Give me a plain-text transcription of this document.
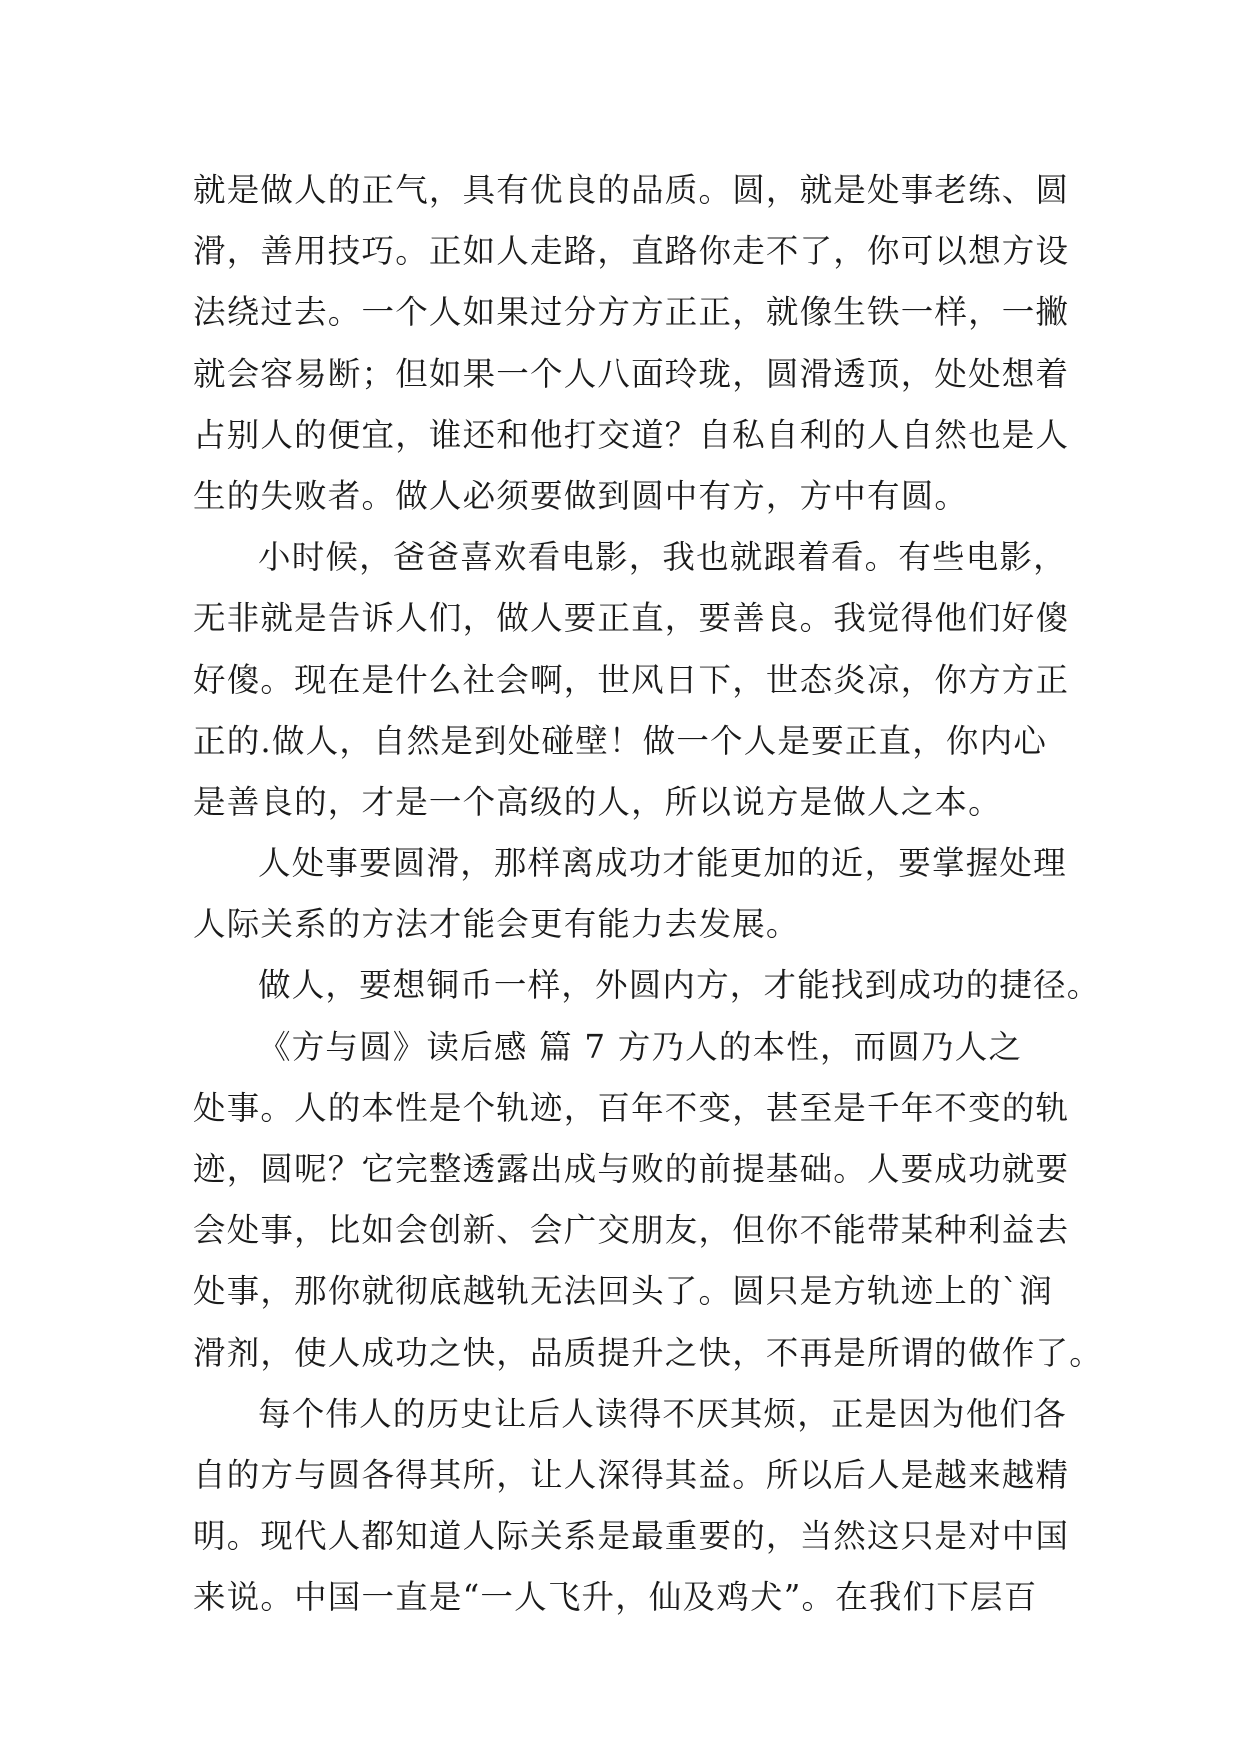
就是做人的正气，具有优良的品质。圆，就是处事老练、圆
滑，善用技巧。正如人走路，直路你走不了，你可以想方设
法绕过去。一个人如果过分方方正正，就像生铁一样，一撇
就会容易断；但如果一个人八面玲珑，圆滑透顶，处处想着
占别人的便宜，谁还和他打交道？自私自利的人自然也是人
生的失败者。做人必须要做到圆中有方，方中有圆。
小时候，爸爸喜欢看电影，我也就跟着看。有些电影，
无非就是告诉人们，做人要正直，要善良。我觉得他们好傻
好傻。现在是什么社会啊，世风日下，世态炎凉，你方方正
正的.做人，自然是到处碰壁！做一个人是要正直，你内心
是善良的，才是一个高级的人，所以说方是做人之本。
人处事要圆滑，那样离成功才能更加的近，要掌握处理
人际关系的方法才能会更有能力去发展。
做人，要想铜币一样，外圆内方，才能找到成功的捷径。
《方与圆》读后感 篇 7 方乃人的本性，而圆乃人之
处事。人的本性是个轨迹，百年不变，甚至是千年不变的轨
迹，圆呢？它完整透露出成与败的前提基础。人要成功就要
会处事，比如会创新、会广交朋友，但你不能带某种利益去
处事，那你就彻底越轨无法回头了。圆只是方轨迹上的`润
滑剂，使人成功之快，品质提升之快，不再是所谓的做作了。
每个伟人的历史让后人读得不厌其烦，正是因为他们各
自的方与圆各得其所，让人深得其益。所以后人是越来越精
明。现代人都知道人际关系是最重要的，当然这只是对中国
来说。中国一直是“一人飞升，仙及鸡犬”。在我们下层百
